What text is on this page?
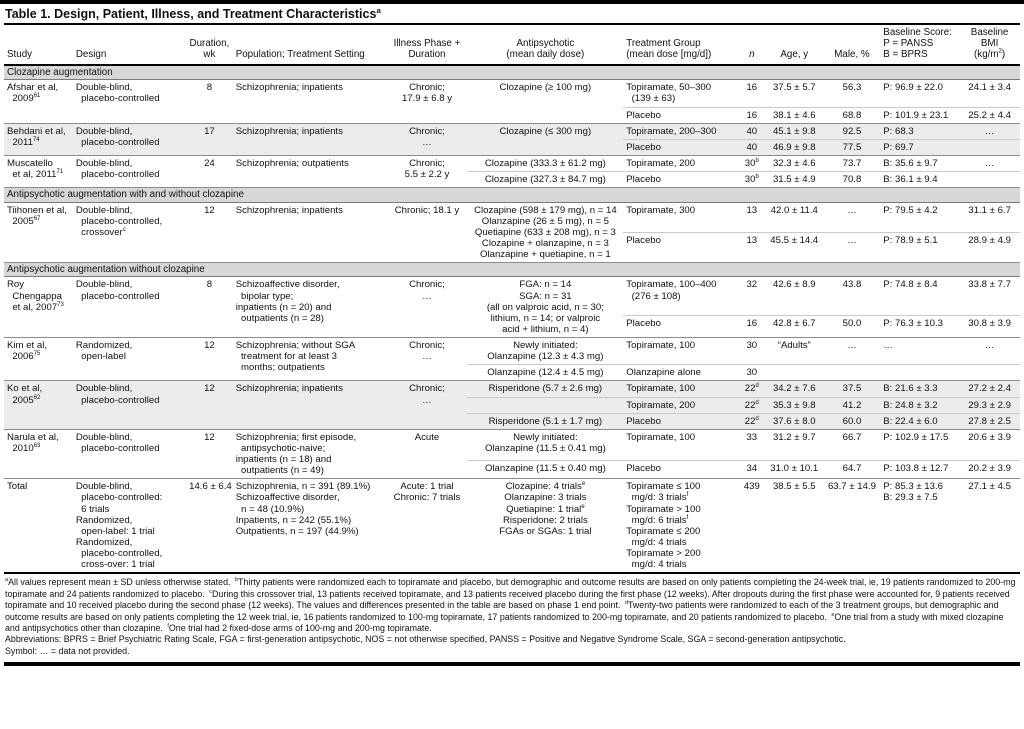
Table 1. Design, Patient, Illness, and Treatment Characteristics$^a$
Study	Design	Duration,
wk	Population; Treatment Setting	Illness Phase +
Duration	Antipsychotic
(mean daily dose)	Treatment Group
(mean dose [mg/d])	n	Age, y	Male, %	Baseline Score:
P = PANSS
B = BPRS	Baseline
BMI
$(kg/m^2)$
Clozapine augmentation											
Afshar et al,
2009$^{61}$	Double-blind,
placebo-controlled	8	Schizophrenia; inpatients	Chronic;
17.9 ± 6.8 y	Clozapine (≥ 100 mg)	Topiramate, 50–300
(139 ± 63)	16	37.5 ± 5.7	56.3	P: 96.9 ± 22.0	24.1 ± 3.4
						Placebo	16	38.1 ± 4.6	68.8	P: 101.9 ± 23.1	25.2 ± 4.4
Behdani et al,
2011$^{74}$	Double-blind,
placebo-controlled	17	Schizophrenia; inpatients	Chronic;
…	Clozapine (≤ 300 mg)	Topiramate, 200–300	40	45.1 ± 9.8	92.5	P: 68.3	…
						Placebo	40	46.9 ± 9.8	77.5	P: 69.7	
Muscatello
et al, 2011$^{71}$	Double-blind,
placebo-controlled	24	Schizophrenia; outpatients	Chronic;
5.5 ± 2.2 y	Clozapine (333.3 ± 61.2 mg)	Topiramate, 200	30$^b$	32.3 ± 4.6	73.7	B: 35.6 ± 9.7	…
					Clozapine (327.3 ± 84.7 mg)	Placebo	30$^b$	31.5 ± 4.9	70.8	B: 36.1 ± 9.4	
Antipsychotic augmentation with and without clozapine											
Tiihonen et al,
2005$^{67}$	Double-blind,
placebo-controlled,
crossover$^c$	12	Schizophrenia; inpatients	Chronic; 18.1 y	Clozapine (598 ± 179 mg), n = 14
Olanzapine (26 ± 5 mg), n = 5
Quetiapine (633 ± 208 mg), n = 3
Clozapine + olanzapine, n = 3
Olanzapine + quetiapine, n = 1	Topiramate, 300	13	42.0 ± 11.4	…	P: 79.5 ± 4.2	31.1 ± 6.7
						Placebo	13	45.5 ± 14.4	…	P: 78.9 ± 5.1	28.9 ± 4.9
Antipsychotic augmentation without clozapine											
Roy
Chengappa
et al, 2007$^{73}$	Double-blind,
placebo-controlled	8	Schizoaffective disorder,
bipolar type;
inpatients (n = 20) and
outpatients (n = 28)	Chronic;
…	FGA: n = 14
SGA: n = 31
(all on valproic acid, n = 30;
lithium, n = 14; or valproic
acid + lithium, n = 4)	Topiramate, 100–400
(276 ± 108)	32	42.6 ± 8.9	43.8	P: 74.8 ± 8.4	33.8 ± 7.7
						Placebo	16	42.8 ± 6.7	50.0	P: 76.3 ± 10.3	30.8 ± 3.9
Kim et al,
2006$^{75}$	Randomized,
open-label	12	Schizophrenia; without SGA
treatment for at least 3
months; outpatients	Chronic;
…	Newly initiated:
Olanzapine (12.3 ± 4.3 mg)	Topiramate, 100	30	“Adults”	…	…	…
					Olanzapine (12.4 ± 4.5 mg)	Olanzapine alone	30				
Ko et al,
2005$^{62}$	Double-blind,
placebo-controlled	12	Schizophrenia; inpatients	Chronic;
…	Risperidone (5.7 ± 2.6 mg)	Topiramate, 100	22$^d$	34.2 ± 7.6	37.5	B: 21.6 ± 3.3	27.2 ± 2.4
						Topiramate, 200	22$^d$	35.3 ± 9.8	41.2	B: 24.8 ± 3.2	29.3 ± 2.9
					Risperidone (5.1 ± 1.7 mg)	Placebo	22$^d$	37.6 ± 8.0	60.0	B: 22.4 ± 6.0	27.8 ± 2.5
Narula et al,
2010$^{63}$	Double-blind,
placebo-controlled	12	Schizophrenia; first episode,
antipsychotic-naive;
inpatients (n = 18) and
outpatients (n = 49)	Acute	Newly initiated:
Olanzapine (11.5 ± 0.41 mg)	Topiramate, 100	33	31.2 ± 9.7	66.7	P: 102.9 ± 17.5	20.6 ± 3.9
					Olanzapine (11.5 ± 0.40 mg)	Placebo	34	31.0 ± 10.1	64.7	P: 103.8 ± 12.7	20.2 ± 3.9
Total	Double-blind,
placebo-controlled:
6 trials
Randomized,
open-label: 1 trial
Randomized,
placebo-controlled,
cross-over: 1 trial	14.6 ± 6.4	Schizophrenia, n = 391 (89.1%)
Schizoaffective disorder,
n = 48 (10.9%)
Inpatients, n = 242 (55.1%)
Outpatients, n = 197 (44.9%)	Acute: 1 trial
Chronic: 7 trials	Clozapine: 4 trials$^e$
Olanzapine: 3 trials
Quetiapine: 1 trial$^e$
Risperidone: 2 trials
FGAs or SGAs: 1 trial	Topiramate ≤ 100
mg/d: 3 trials$^f$
Topiramate > 100
mg/d: 6 trials$^f$
Topiramate ≤ 200
mg/d: 4 trials
Topiramate > 200
mg/d: 4 trials	439	38.5 ± 5.5	63.7 ± 14.9	P: 85.3 ± 13.6
B: 29.3 ± 7.5	27.1 ± 4.5
$^a$All values represent mean ± SD unless otherwise stated. $^b$Thirty patients were randomized each to topiramate and placebo, but demographic and outcome results are based on only patients completing the 24-week trial, ie, 19 patients randomized to 200-mg topiramate and 24 patients randomized to placebo. $^c$During this crossover trial, 13 patients received topiramate, and 13 patients received placebo during the first phase (12 weeks). After dropouts during the first phase were accounted for, 9 patients received topiramate and 10 received placebo during the second phase (12 weeks). The values and differences presented in the table are based on phase 1 end point. $^d$Twenty-two patients were randomized to each of the 3 treatment groups, but demographic and outcome results are based on only patients completing the 12 week trial, ie, 16 patients randomized to 100-mg topiramate, 17 patients randomized to 200-mg topiramate, and 20 patients randomized to placebo. $^e$One trial from a study with mixed clozapine and antipsychotics other than clozapine. $^f$One trial had 2 fixed-dose arms of 100-mg and 200-mg topiramate.
Abbreviations: BPRS = Brief Psychiatric Rating Scale, FGA = first-generation antipsychotic, NOS = not otherwise specified, PANSS = Positive and Negative Syndrome Scale, SGA = second-generation antipsychotic.
Symbol: … = data not provided.
